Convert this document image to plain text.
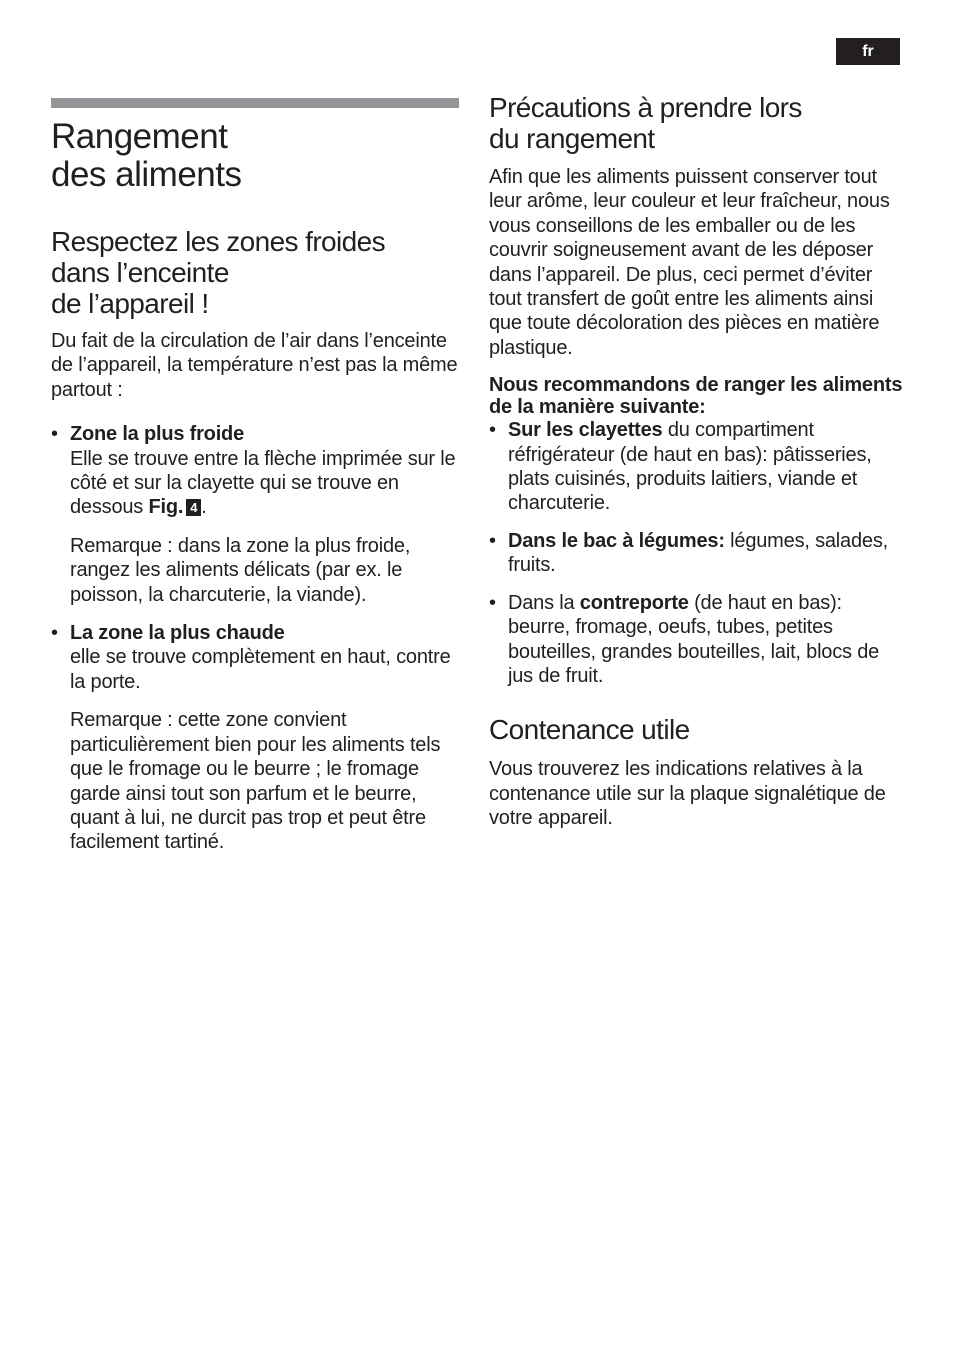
fr
Rangement
des aliments
Respectez les zones froides
dans l’enceinte
de l’appareil !

Du fait de la circulation de l’air dans l’enceinte de l’appareil, la température n’est pas la même partout :

• Zone la plus froide
Elle se trouve entre la flèche imprimée sur le côté et sur la clayette qui se trouve en dessous Fig. 4 .

Remarque : dans la zone la plus froide, rangez les aliments délicats (par ex. le poisson, la charcuterie, la viande).

• La zone la plus chaude
elle se trouve complètement en haut, contre la porte.

Remarque : cette zone convient particulièrement bien pour les aliments tels que le fromage ou le beurre ; le fromage garde ainsi tout son parfum et le beurre, quant à lui, ne durcit pas trop et peut être facilement tartiné.

Précautions à prendre lors
du rangement

Afin que les aliments puissent conserver tout leur arôme, leur couleur et leur fraîcheur, nous vous conseillons de les emballer ou de les couvrir soigneusement avant de les déposer dans l’appareil. De plus, ceci permet d’éviter tout transfert de goût entre les aliments ainsi que toute décoloration des pièces en matière plastique.

Nous recommandons de ranger les aliments de la manière suivante:

• Sur les clayettes du compartiment réfrigérateur (de haut en bas): pâtisseries, plats cuisinés, produits laitiers, viande et charcuterie.
• Dans le bac à légumes: légumes, salades, fruits.
• Dans la contreporte (de haut en bas): beurre, fromage, oeufs, tubes, petites bouteilles, grandes bouteilles, lait, blocs de jus de fruit.
Contenance utile

Vous trouverez les indications relatives à la contenance utile sur la plaque signalétique de votre appareil.
